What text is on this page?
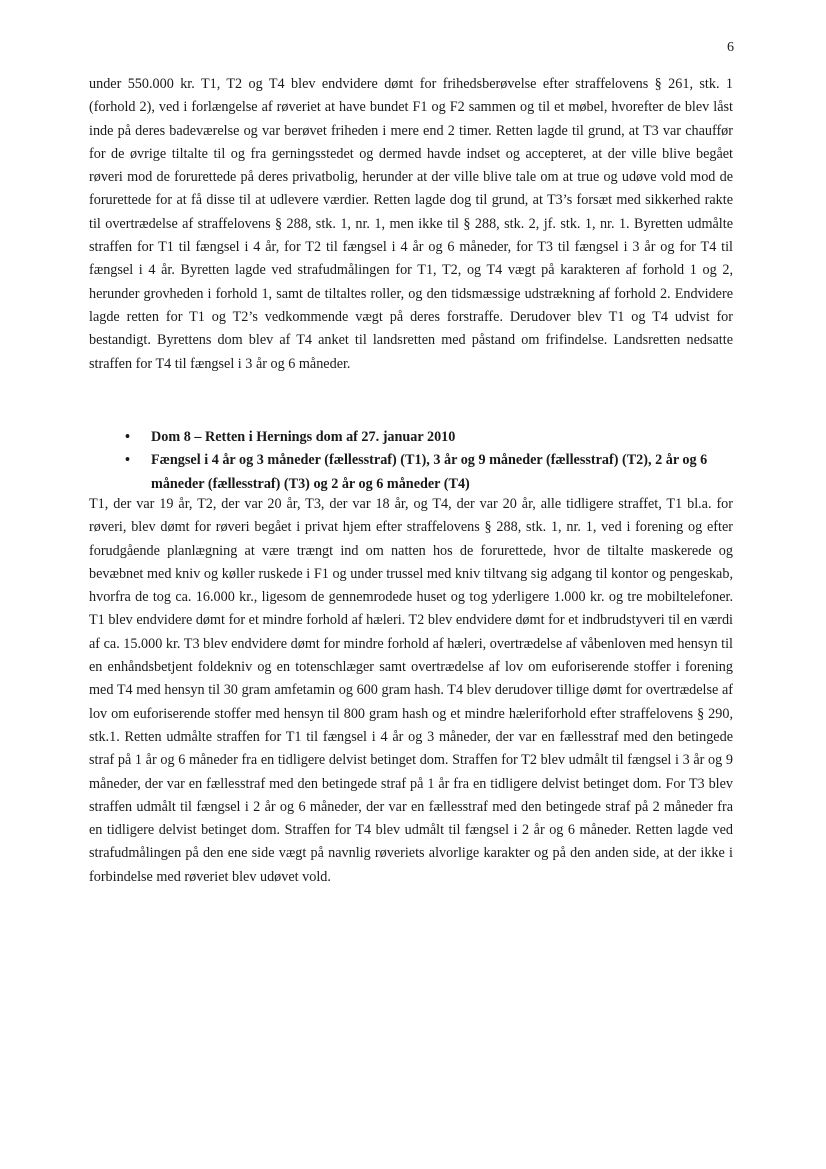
6

under 550.000 kr. T1, T2 og T4 blev endvidere dømt for frihedsberøvelse efter straffelovens § 261, stk. 1 (forhold 2), ved i forlængelse af røveriet at have bundet F1 og F2 sammen og til et møbel, hvorefter de blev låst inde på deres badeværelse og var berøvet friheden i mere end 2 timer. Retten lagde til grund, at T3 var chauffør for de øvrige tiltalte til og fra gerningsstedet og dermed havde indset og accepteret, at der ville blive begået røveri mod de forurettede på deres privatbolig, herunder at der ville blive tale om at true og udøve vold mod de forurettede for at få disse til at udlevere værdier. Retten lagde dog til grund, at T3’s forsæt med sikkerhed rakte til overtrædelse af straffelovens § 288, stk. 1, nr. 1, men ikke til § 288, stk. 2, jf. stk. 1, nr. 1. Byretten udmålte straffen for T1 til fængsel i 4 år, for T2 til fængsel i 4 år og 6 måneder, for T3 til fængsel i 3 år og for T4 til fængsel i 4 år. Byretten lagde ved strafudmålingen for T1, T2, og T4 vægt på karakteren af forhold 1 og 2, herunder grovheden i forhold 1, samt de tiltaltes roller, og den tidsmæssige udstrækning af forhold 2. Endvidere lagde retten for T1 og T2’s vedkommende vægt på deres forstraffe. Derudover blev T1 og T4 udvist for bestandigt. Byrettens dom blev af T4 anket til landsretten med påstand om frifindelse. Landsretten nedsatte straffen for T4 til fængsel i 3 år og 6 måneder.

• Dom 8 – Retten i Hernings dom af 27. januar 2010
• Fængsel i 4 år og 3 måneder (fællesstraf) (T1), 3 år og 9 måneder (fællesstraf) (T2), 2 år og 6 måneder (fællesstraf) (T3) og 2 år og 6 måneder (T4)

T1, der var 19 år, T2, der var 20 år, T3, der var 18 år, og T4, der var 20 år, alle tidligere straffet, T1 bl.a. for røveri, blev dømt for røveri begået i privat hjem efter straffelovens § 288, stk. 1, nr. 1, ved i forening og efter forudgående planlægning at være trængt ind om natten hos de forurettede, hvor de tiltalte maskerede og bevæbnet med kniv og køller ruskede i F1 og under trussel med kniv tiltvang sig adgang til kontor og pengeskab, hvorfra de tog ca. 16.000 kr., ligesom de gennemrodede huset og tog yderligere 1.000 kr. og tre mobiltelefoner. T1 blev endvidere dømt for et mindre forhold af hæleri. T2 blev endvidere dømt for et indbrudstyveri til en værdi af ca. 15.000 kr. T3 blev endvidere dømt for mindre forhold af hæleri, overtrædelse af våbenloven med hensyn til en enhåndsbetjent foldekniv og en totenschlæger samt overtrædelse af lov om euforiserende stoffer i forening med T4 med hensyn til 30 gram amfetamin og 600 gram hash. T4 blev derudover tillige dømt for overtrædelse af lov om euforiserende stoffer med hensyn til 800 gram hash og et mindre hæleriforhold efter straffelovens § 290, stk.1. Retten udmålte straffen for T1 til fængsel i 4 år og 3 måneder, der var en fællesstraf med den betingede straf på 1 år og 6 måneder fra en tidligere delvist betinget dom. Straffen for T2 blev udmålt til fængsel i 3 år og 9 måneder, der var en fællesstraf med den betingede straf på 1 år fra en tidligere delvist betinget dom. For T3 blev straffen udmålt til fængsel i 2 år og 6 måneder, der var en fællesstraf med den betingede straf på 2 måneder fra en tidligere delvist betinget dom. Straffen for T4 blev udmålt til fængsel i 2 år og 6 måneder. Retten lagde ved strafudmålingen på den ene side vægt på navnlig røveriets alvorlige karakter og på den anden side, at der ikke i forbindelse med røveriet blev udøvet vold.
